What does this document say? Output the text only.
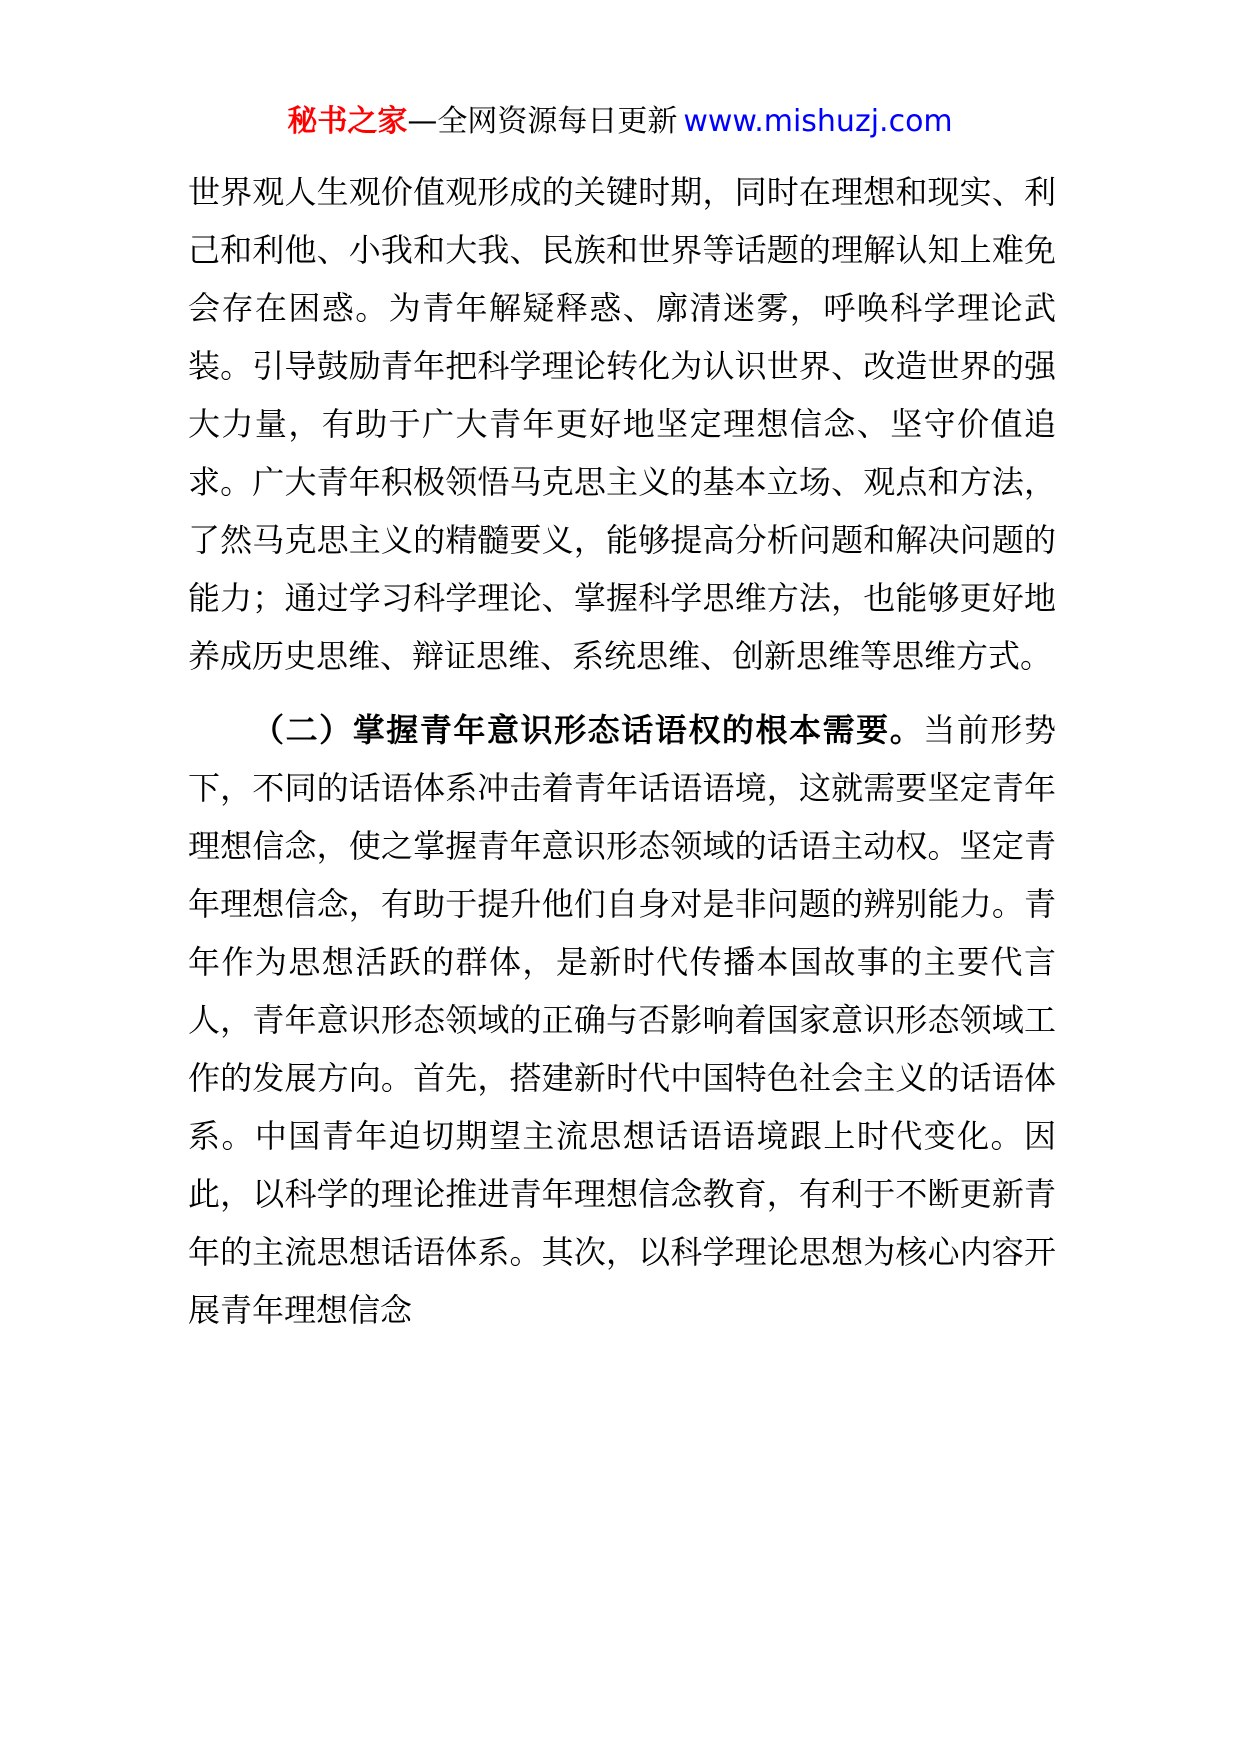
秘书之家—全网资源每日更新 www.mishuzj.com

世界观人生观价值观形成的关键时期，同时在理想和现实、利己和利他、小我和大我、民族和世界等话题的理解认知上难免会存在困惑。为青年解疑释惑、廓清迷雾，呼唤科学理论武装。引导鼓励青年把科学理论转化为认识世界、改造世界的强大力量，有助于广大青年更好地坚定理想信念、坚守价值追求。广大青年积极领悟马克思主义的基本立场、观点和方法，了然马克思主义的精髓要义，能够提高分析问题和解决问题的能力；通过学习科学理论、掌握科学思维方法，也能够更好地养成历史思维、辩证思维、系统思维、创新思维等思维方式。

（二）掌握青年意识形态话语权的根本需要。当前形势下，不同的话语体系冲击着青年话语语境，这就需要坚定青年理想信念，使之掌握青年意识形态领域的话语主动权。坚定青年理想信念，有助于提升他们自身对是非问题的辨别能力。青年作为思想活跃的群体，是新时代传播本国故事的主要代言人，青年意识形态领域的正确与否影响着国家意识形态领域工作的发展方向。首先，搭建新时代中国特色社会主义的话语体系。中国青年迫切期望主流思想话语语境跟上时代变化。因此，以科学的理论推进青年理想信念教育，有利于不断更新青年的主流思想话语体系。其次，以科学理论思想为核心内容开展青年理想信念
